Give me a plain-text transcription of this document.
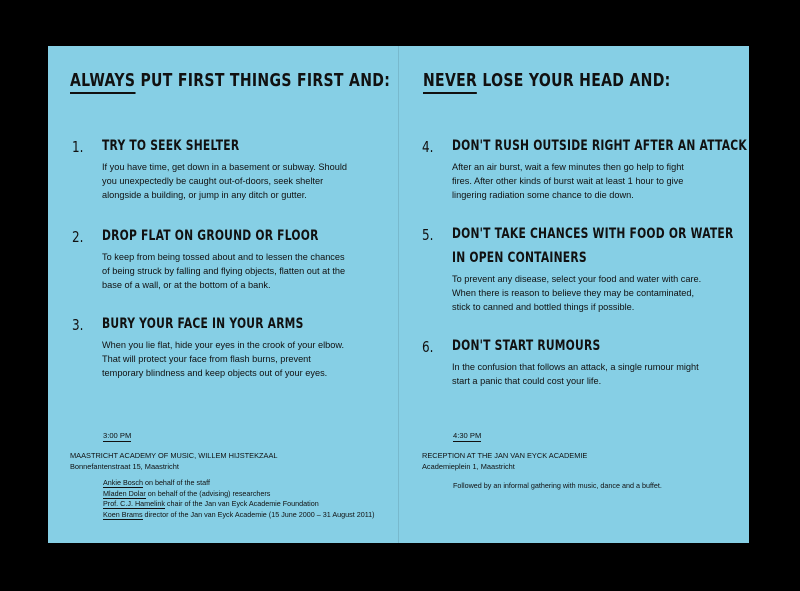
ALWAYS PUT FIRST THINGS FIRST AND:
1. TRY TO SEEK SHELTER
If you have time, get down in a basement or subway. Should you unexpectedly be caught out-of-doors, seek shelter alongside a building, or jump in any ditch or gutter.
2. DROP FLAT ON GROUND OR FLOOR
To keep from being tossed about and to lessen the chances of being struck by falling and flying objects, flatten out at the base of a wall, or at the bottom of a bank.
3. BURY YOUR FACE IN YOUR ARMS
When you lie flat, hide your eyes in the crook of your elbow. That will protect your face from flash burns, prevent temporary blindness and keep objects out of your eyes.
3:00 PM
MAASTRICHT ACADEMY OF MUSIC, WILLEM HIJSTEKZAAL
Bonnefantenstraat 15, Maastricht
Ankie Bosch on behalf of the staff
Mladen Dolar on behalf of the (advising) researchers
Prof. C.J. Hamelink chair of the Jan van Eyck Academie Foundation
Koen Brams director of the Jan van Eyck Academie (15 June 2000 – 31 August 2011)
NEVER LOSE YOUR HEAD AND:
4. DON'T RUSH OUTSIDE RIGHT AFTER AN ATTACK
After an air burst, wait a few minutes then go help to fight fires. After other kinds of burst wait at least 1 hour to give lingering radiation some chance to die down.
5. DON'T TAKE CHANCES WITH FOOD OR WATER
IN OPEN CONTAINERS
To prevent any disease, select your food and water with care. When there is reason to believe they may be contaminated, stick to canned and bottled things if possible.
6. DON'T START RUMOURS
In the confusion that follows an attack, a single rumour might start a panic that could cost your life.
4:30 PM
RECEPTION AT THE JAN VAN EYCK ACADEMIE
Academieplein 1, Maastricht
Followed by an informal gathering with music, dance and a buffet.
